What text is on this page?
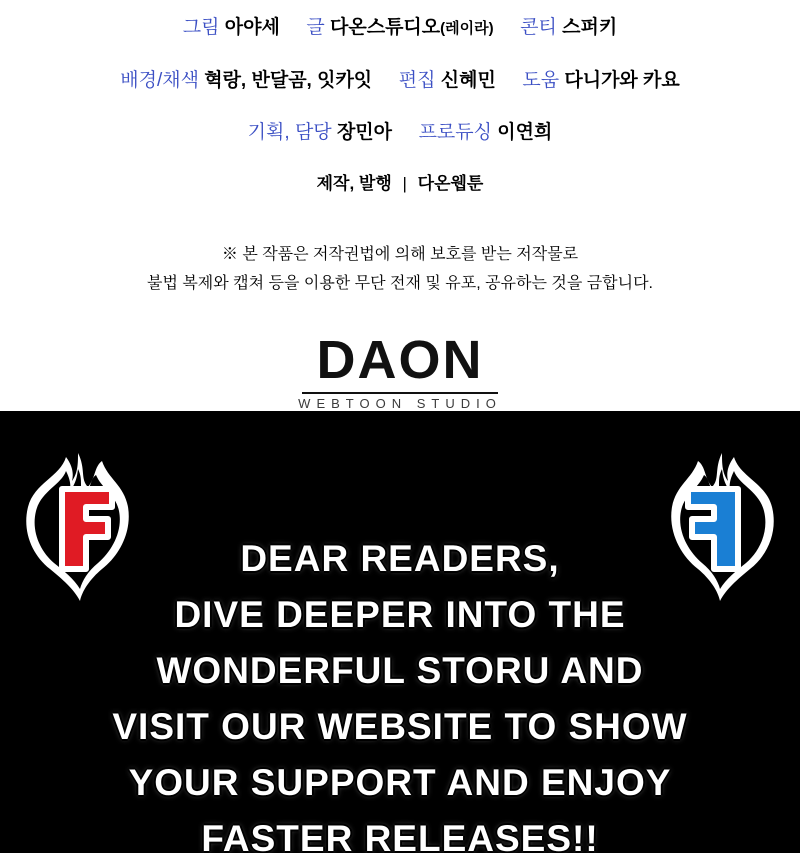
그림 아야세 글 다온스튜디오(레이라) 콘티 스퍼키
배경/채색 혁랑, 반달곰, 잇카잇 편집 신혜민 도움 다니가와 카요
기획, 담당 장민아 프로듀싱 이연희
제작, 발행 | 다온웹툰
※ 본 작품은 저작권법에 의해 보호를 받는 저작물로
불법 복제와 캡쳐 등을 이용한 무단 전재 및 유포, 공유하는 것을 금합니다.
DAON
WEBTOON STUDIO
DEAR READERS,
DIVE DEEPER INTO THE
WONDERFUL STORU AND
VISIT OUR WEBSITE TO SHOW
YOUR SUPPORT AND ENJOY
FASTER RELEASES!!
